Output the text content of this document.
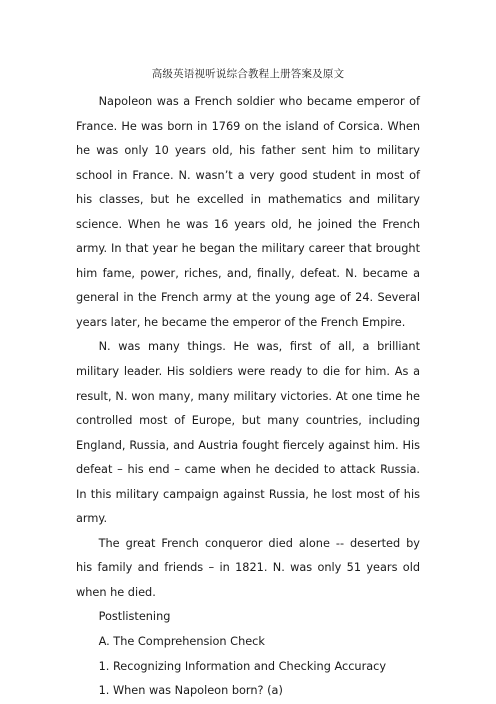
高级英语视听说综合教程上册答案及原文

Napoleon was a French soldier who became emperor of France. He was born in 1769 on the island of Corsica. When he was only 10 years old, his father sent him to military school in France. N. wasn’t a very good student in most of his classes, but he excelled in mathematics and military science. When he was 16 years old, he joined the French army. In that year he began the military career that brought him fame, power, riches, and, finally, defeat. N. became a general in the French army at the young age of 24. Several years later, he became the emperor of the French Empire.

N. was many things. He was, first of all, a brilliant military leader. His soldiers were ready to die for him. As a result, N. won many, many military victories. At one time he controlled most of Europe, but many countries, including England, Russia, and Austria fought fiercely against him. His defeat – his end – came when he decided to attack Russia. In this military campaign against Russia, he lost most of his army.

The great French conqueror died alone -- deserted by his family and friends – in 1821. N. was only 51 years old when he died.

Postlistening

A. The Comprehension Check

1. Recognizing Information and Checking Accuracy

1. When was Napoleon born? (a)
